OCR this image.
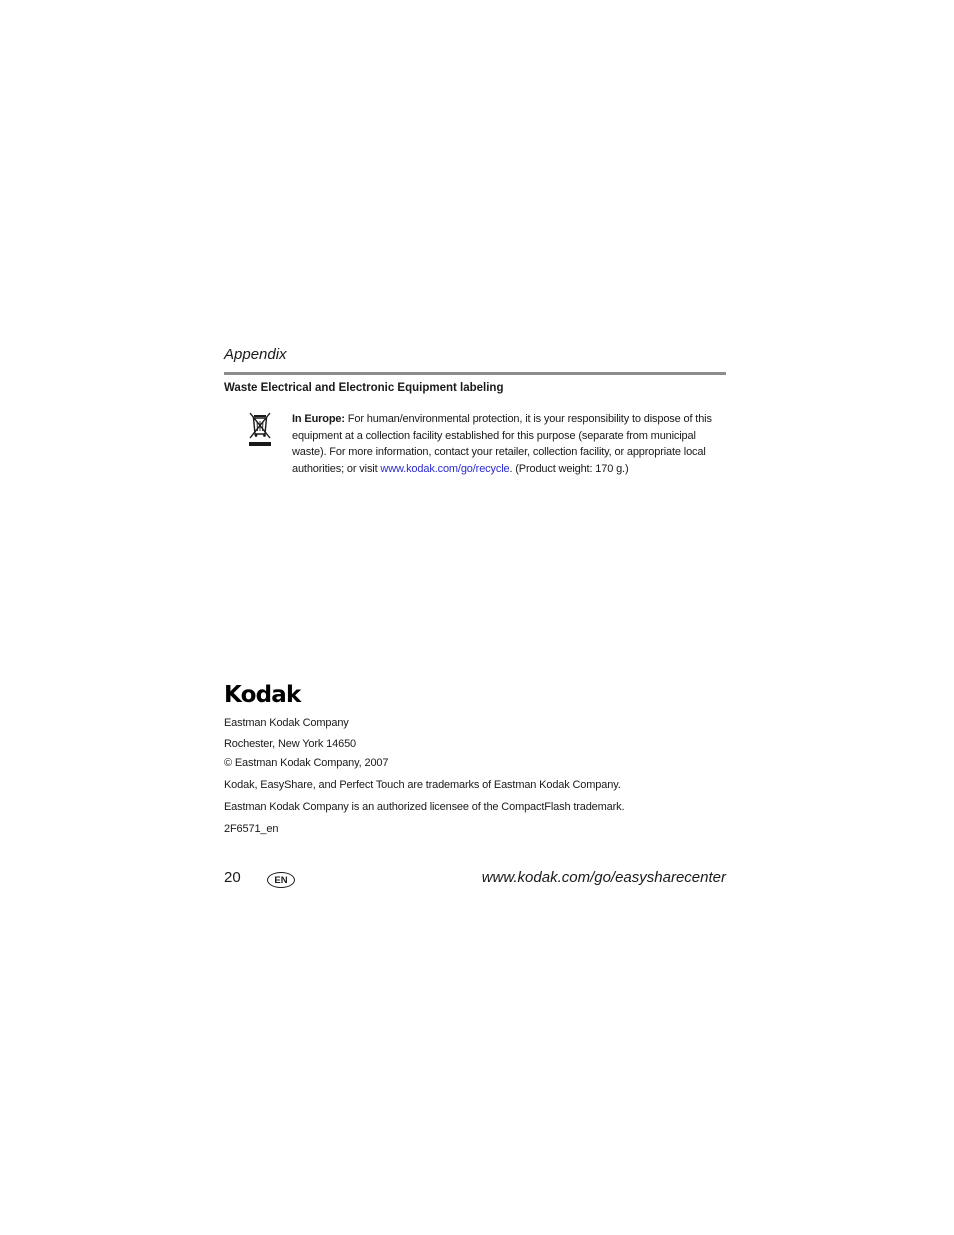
Appendix
Waste Electrical and Electronic Equipment labeling
In Europe: For human/environmental protection, it is your responsibility to dispose of this equipment at a collection facility established for this purpose (separate from municipal waste). For more information, contact your retailer, collection facility, or appropriate local authorities; or visit www.kodak.com/go/recycle. (Product weight: 170 g.)
Kodak
Eastman Kodak Company
Rochester, New York 14650
© Eastman Kodak Company, 2007
Kodak, EasyShare, and Perfect Touch are trademarks of Eastman Kodak Company.
Eastman Kodak Company is an authorized licensee of the CompactFlash trademark.
2F6571_en
20	EN	www.kodak.com/go/easysharecenter
